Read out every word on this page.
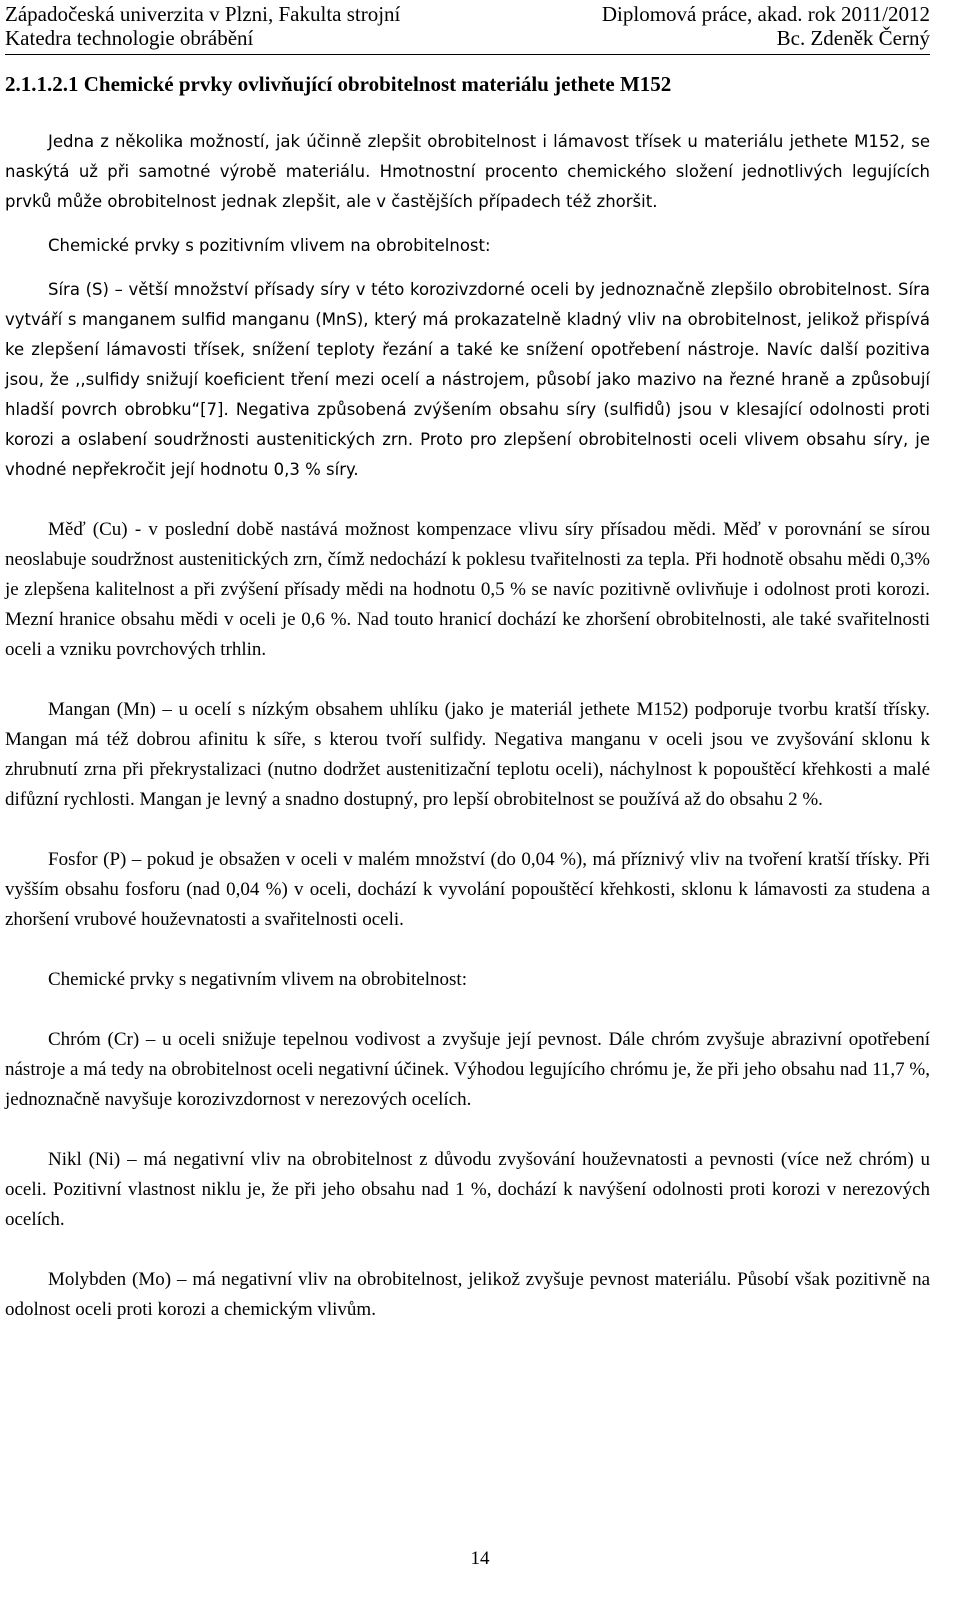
Západočeská univerzita v Plzni, Fakulta strojní	Diplomová práce, akad. rok 2011/2012
Katedra technologie obrábění	Bc. Zdeněk Černý
2.1.1.2.1 Chemické prvky ovlivňující obrobitelnost materiálu jethete M152

Jedna z několika možností, jak účinně zlepšit obrobitelnost i lámavost třísek u materiálu jethete M152, se naskýtá už při samotné výrobě materiálu. Hmotnostní procento chemického složení jednotlivých legujících prvků může obrobitelnost jednak zlepšit, ale v častějších případech též zhoršit.

Chemické prvky s pozitivním vlivem na obrobitelnost:

Síra (S) – větší množství přísady síry v této korozivzdorné oceli by jednoznačně zlepšilo obrobitelnost. Síra vytváří s manganem sulfid manganu (MnS), který má prokazatelně kladný vliv na obrobitelnost, jelikož přispívá ke zlepšení lámavosti třísek, snížení teploty řezání a také ke snížení opotřebení nástroje. Navíc další pozitiva jsou, že ,,sulfidy snižují koeficient tření mezi ocelí a nástrojem, působí jako mazivo na řezné hraně a způsobují hladší povrch obrobku“[7]. Negativa způsobená zvýšením obsahu síry (sulfidů) jsou v klesající odolnosti proti korozi a oslabení soudržnosti austenitických zrn. Proto pro zlepšení obrobitelnosti oceli vlivem obsahu síry, je vhodné nepřekročit její hodnotu 0,3 % síry.

Měď (Cu) - v poslední době nastává možnost kompenzace vlivu síry přísadou mědi. Měď v porovnání se sírou neoslabuje soudržnost austenitických zrn, čímž nedochází k poklesu tvařitelnosti za tepla. Při hodnotě obsahu mědi 0,3% je zlepšena kalitelnost a při zvýšení přísady mědi na hodnotu 0,5 % se navíc pozitivně ovlivňuje i odolnost proti korozi. Mezní hranice obsahu mědi v oceli je 0,6 %. Nad touto hranicí dochází ke zhoršení obrobitelnosti, ale také svařitelnosti oceli a vzniku povrchových trhlin.

Mangan (Mn) – u ocelí s nízkým obsahem uhlíku (jako je materiál jethete M152) podporuje tvorbu kratší třísky. Mangan má též dobrou afinitu k síře, s kterou tvoří sulfidy. Negativa manganu v oceli jsou ve zvyšování sklonu k zhrubnutí zrna při překrystalizaci (nutno dodržet austenitizační teplotu oceli), náchylnost k popouštěcí křehkosti a malé difůzní rychlosti. Mangan je levný a snadno dostupný, pro lepší obrobitelnost se používá až do obsahu 2 %.

Fosfor (P) – pokud je obsažen v oceli v malém množství (do 0,04 %), má příznivý vliv na tvoření kratší třísky. Při vyšším obsahu fosforu (nad 0,04 %) v oceli, dochází k vyvolání popouštěcí křehkosti, sklonu k lámavosti za studena a zhoršení vrubové houževnatosti a svařitelnosti oceli.

Chemické prvky s negativním vlivem na obrobitelnost:

Chróm (Cr) – u oceli snižuje tepelnou vodivost a zvyšuje její pevnost. Dále chróm zvyšuje abrazivní opotřebení nástroje a má tedy na obrobitelnost oceli negativní účinek. Výhodou legujícího chrómu je, že při jeho obsahu nad 11,7 %, jednoznačně navyšuje korozivzdornost v nerezových ocelích.

Nikl (Ni) – má negativní vliv na obrobitelnost z důvodu zvyšování houževnatosti a pevnosti (více než chróm) u oceli. Pozitivní vlastnost niklu je, že při jeho obsahu nad 1 %, dochází k navýšení odolnosti proti korozi v nerezových ocelích.

Molybden (Mo) – má negativní vliv na obrobitelnost, jelikož zvyšuje pevnost materiálu. Působí však pozitivně na odolnost oceli proti korozi a chemickým vlivům.

14
